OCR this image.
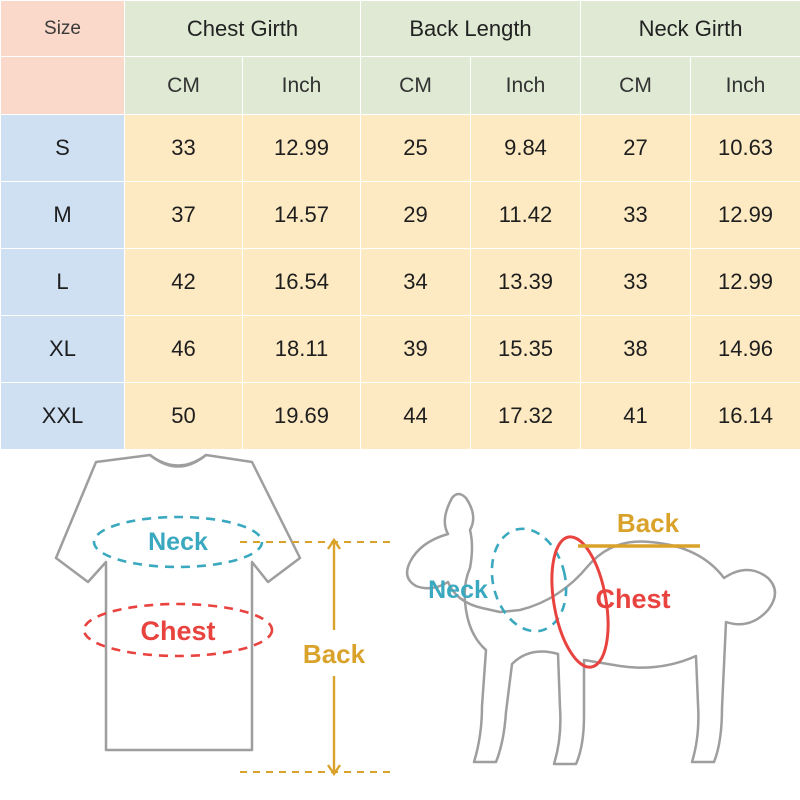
Size	Chest Girth		Back Length		Neck Girth	
	CM	Inch	CM	Inch	CM	Inch
S	33	12.99	25	9.84	27	10.63
M	37	14.57	29	11.42	33	12.99
L	42	16.54	34	13.39	33	12.99
XL	46	18.11	39	15.35	38	14.96
XXL	50	19.69	44	17.32	41	16.14
Neck
Chest
Back
Neck	Chest
Back
